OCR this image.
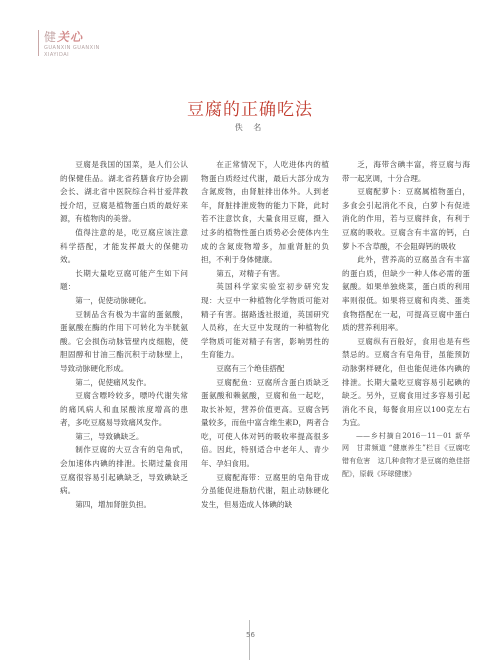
健关心
GUANXIN GUANXIN
XIAYIDAI
豆腐的正确吃法
佚 名

豆腐是我国的国菜，是人们公认的保健佳品。湖北省药膳食疗协会副会长、湖北省中医院综合科甘爱萍教授介绍，豆腐是植物蛋白质的最好来源，有植物肉的美誉。

值得注意的是，吃豆腐应该注意科学搭配，才能发挥最大的保健功效。

长期大量吃豆腐可能产生如下问题：

第一，促使动脉硬化。

豆制品含有极为丰富的蛋氨酸，蛋氨酸在酶的作用下可转化为半胱氨酸。它会损伤动脉管壁内皮细胞，使胆固醇和甘油三酯沉积于动脉壁上，导致动脉硬化形成。

第二，促使痛风发作。

豆腐含嘌呤较多，嘌呤代谢失常的痛风病人和血尿酸浓度增高的患者，多吃豆腐易导致痛风发作。

第三，导致碘缺乏。

制作豆腐的大豆含有的皂角甙，会加速体内碘的排泄。长期过量食用豆腐很容易引起碘缺乏，导致碘缺乏病。

第四，增加肾脏负担。

在正常情况下，人吃进体内的植物蛋白质经过代谢，最后大部分成为含氮废物，由肾脏排出体外。人到老年，肾脏排泄废物的能力下降，此时若不注意饮食，大量食用豆腐，摄入过多的植物性蛋白质势必会使体内生成的含氮废物增多，加重肾脏的负担，不利于身体健康。

第五，对精子有害。

英国科学家实验室初步研究发现：大豆中一种植物化学物质可能对精子有害。据路透社报道，英国研究人员称，在大豆中发现的一种植物化学物质可能对精子有害，影响男性的生育能力。

豆腐有三个绝佳搭配

豆腐配鱼：豆腐所含蛋白质缺乏蛋氨酸和赖氨酸，豆腐和鱼一起吃，取长补短，营养价值更高。豆腐含钙量较多，而鱼中富含维生素D，两者合吃，可使人体对钙的吸收率提高很多倍。因此，特别适合中老年人、青少年、孕妇食用。

豆腐配海带：豆腐里的皂角苷成分虽能促进脂肪代谢，阻止动脉硬化发生，但易造成人体碘的缺

乏，海带含碘丰富，将豆腐与海带一起烹调，十分合理。

豆腐配萝卜：豆腐属植物蛋白，多食会引起消化不良，白萝卜有促进消化的作用，若与豆腐拌食，有利于豆腐的吸收。豆腐含有丰富的钙，白萝卜不含草酸，不会阻碍钙的吸收

此外，营养高的豆腐虽含有丰富的蛋白质，但缺少一种人体必需的蛋氨酸。如果单独烧菜，蛋白质的利用率则很低。如果将豆腐和肉类、蛋类食物搭配在一起，可提高豆腐中蛋白质的营养利用率。

豆腐纵有百般好，食用也是有些禁忌的。豆腐含有皂角苷，虽能预防动脉粥样硬化，但也能促进体内碘的排泄。长期大量吃豆腐容易引起碘的缺乏。另外，豆腐食用过多容易引起消化不良，每餐食用应以100克左右为宜。

——乡村摘自2016－11－01 新华网　甘肃频道 “健康养生”栏目《豆腐吃错有危害　这几种食物才是豆腐的绝佳搭配》，原载《环球健康》

56
